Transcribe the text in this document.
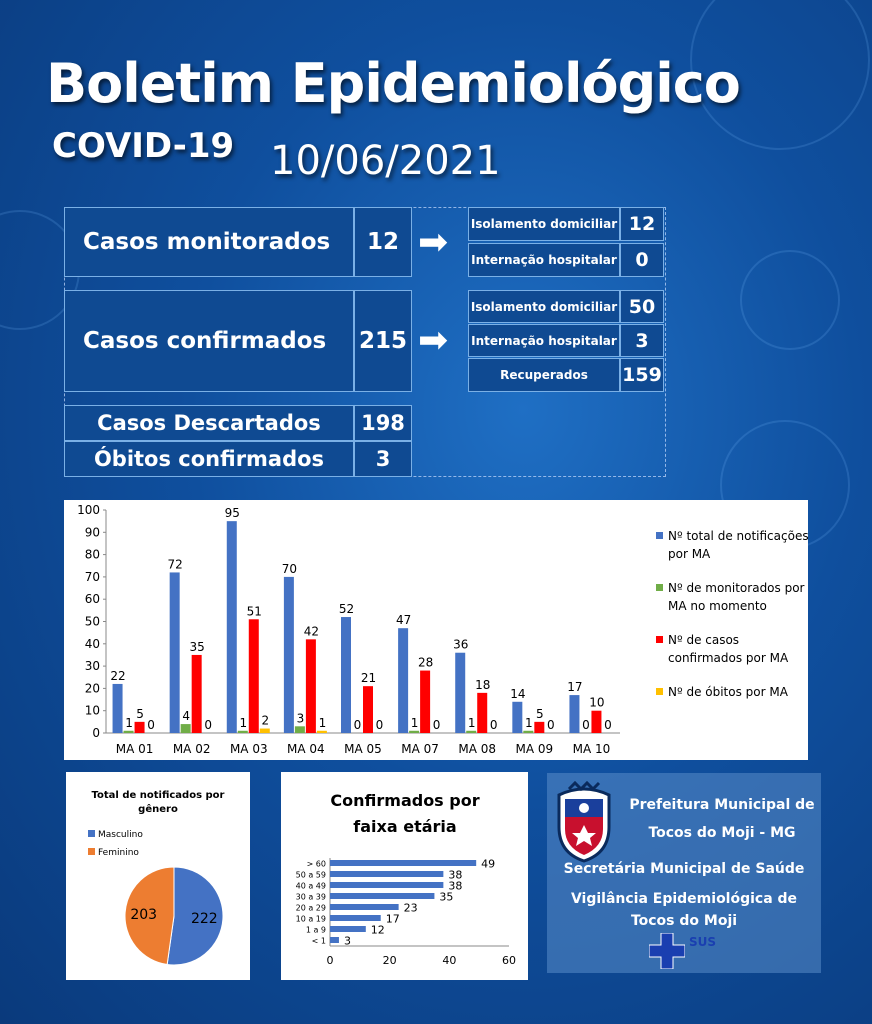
Boletim Epidemiológico
COVID-19 10/06/2021
Casos monitorados 12 ➡ Isolamento domiciliar 12
Internação hospitalar 0
Casos confirmados 215 ➡
Isolamento domiciliar 50
Internação hospitalar 3
Recuperados 159
Casos Descartados 198
Óbitos confirmados 3
0
10
20
30
40
50
60
70
80
90
100
MA 01
22
1
5
0
MA 02
72
4
35
0
MA 03
95
1
51
2
MA 04
70
3
42
1
MA 05
52
0
21
0
MA 07
47
1
28
0
MA 08
36
1
18
0
MA 09
14
1
5
0
MA 10
17
0
10
0
Nº total de notificações
por MA
Nº de monitorados por
MA no momento
Nº de casos
confirmados por MA
Nº de óbitos por MA
Total de notificados por
gênero
Masculino
Feminino
222
203
Confirmados por
faixa etária
> 60	49
50 a 59	38
40 a 49	38
30 a 39	35
20 a 29	23
10 a 19	17
1 a 9	12
< 1 3
0	20	40	60
Prefeitura Municipal de
Tocos do Moji - MG
Secretária Municipal de Saúde
Vigilância Epidemiológica de
Tocos do Moji
SUS
